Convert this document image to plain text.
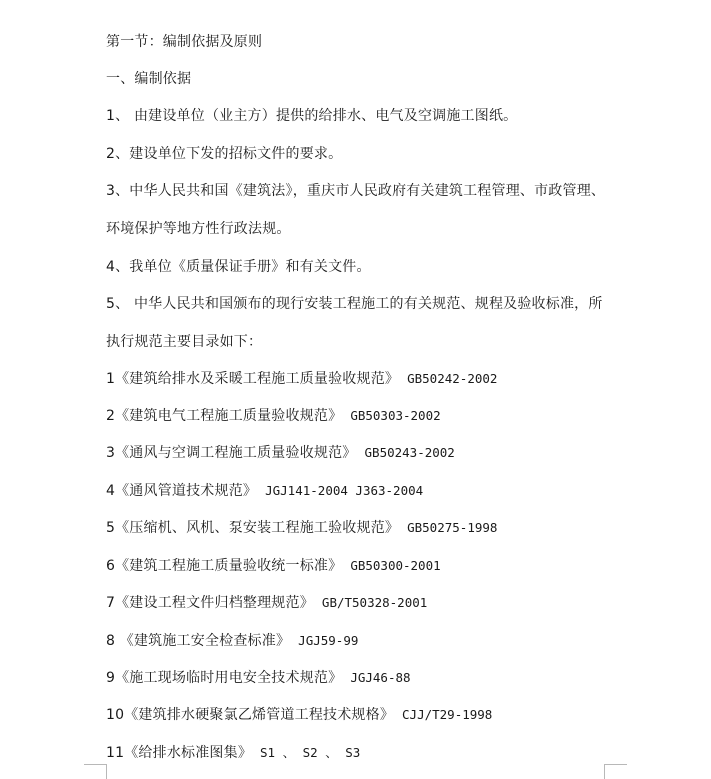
第一节：编制依据及原则
一、编制依据
1、 由建设单位（业主方）提供的给排水、电气及空调施工图纸。
2、建设单位下发的招标文件的要求。
3、中华人民共和国《建筑法》，重庆市人民政府有关建筑工程管理、市政管理、
环境保护等地方性行政法规。
4、我单位《质量保证手册》和有关文件。
5、 中华人民共和国颁布的现行安装工程施工的有关规范、规程及验收标准，所
执行规范主要目录如下：
1《建筑给排水及采暖工程施工质量验收规范》 GB50242-2002
2《建筑电气工程施工质量验收规范》 GB50303-2002
3《通风与空调工程施工质量验收规范》 GB50243-2002
4《通风管道技术规范》 JGJ141-2004 J363-2004
5《压缩机、风机、泵安装工程施工验收规范》 GB50275-1998
6《建筑工程施工质量验收统一标准》 GB50300-2001
7《建设工程文件归档整理规范》 GB/T50328-2001
8 《建筑施工安全检查标准》 JGJ59-99
9《施工现场临时用电安全技术规范》 JGJ46-88
10《建筑排水硬聚氯乙烯管道工程技术规格》 CJJ/T29-1998
11《给排水标准图集》 S1 、 S2 、 S3
